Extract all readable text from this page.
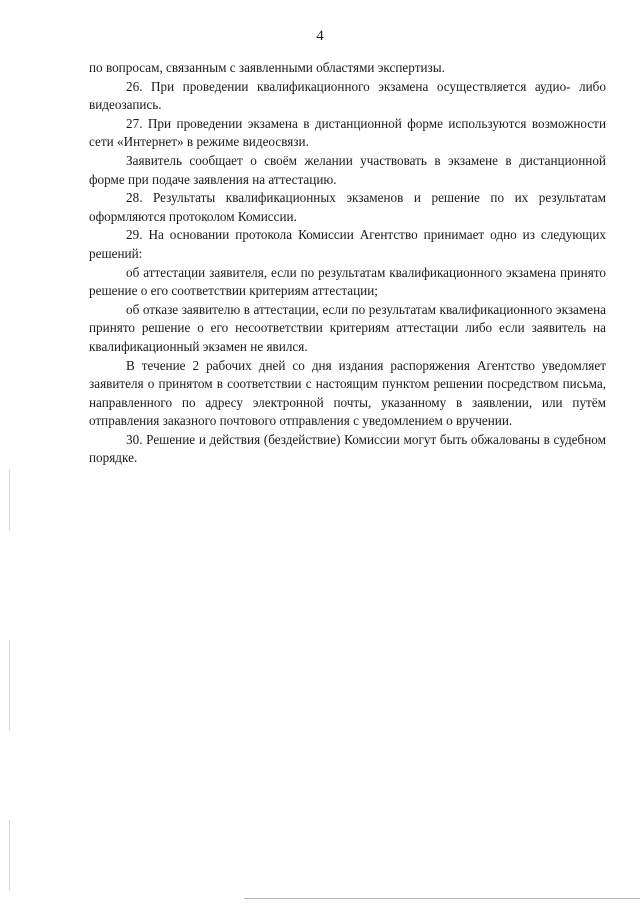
4

по вопросам, связанным с заявленными областями экспертизы.

26. При проведении квалификационного экзамена осуществляется аудио- либо видеозапись.

27. При проведении экзамена в дистанционной форме используются возможности сети «Интернет» в режиме видеосвязи.

Заявитель сообщает о своём желании участвовать в экзамене в дистанционной форме при подаче заявления на аттестацию.

28. Результаты квалификационных экзаменов и решение по их результатам оформляются протоколом Комиссии.

29. На основании протокола Комиссии Агентство принимает одно из следующих решений:

об аттестации заявителя, если по результатам квалификационного экзамена принято решение о его соответствии критериям аттестации;

об отказе заявителю в аттестации, если по результатам квалификационного экзамена принято решение о его несоответствии критериям аттестации либо если заявитель на квалификационный экзамен не явился.

В течение 2 рабочих дней со дня издания распоряжения Агентство уведомляет заявителя о принятом в соответствии с настоящим пунктом решении посредством письма, направленного по адресу электронной почты, указанному в заявлении, или путём отправления заказного почтового отправления с уведомлением о вручении.

30. Решение и действия (бездействие) Комиссии могут быть обжалованы в судебном порядке.
